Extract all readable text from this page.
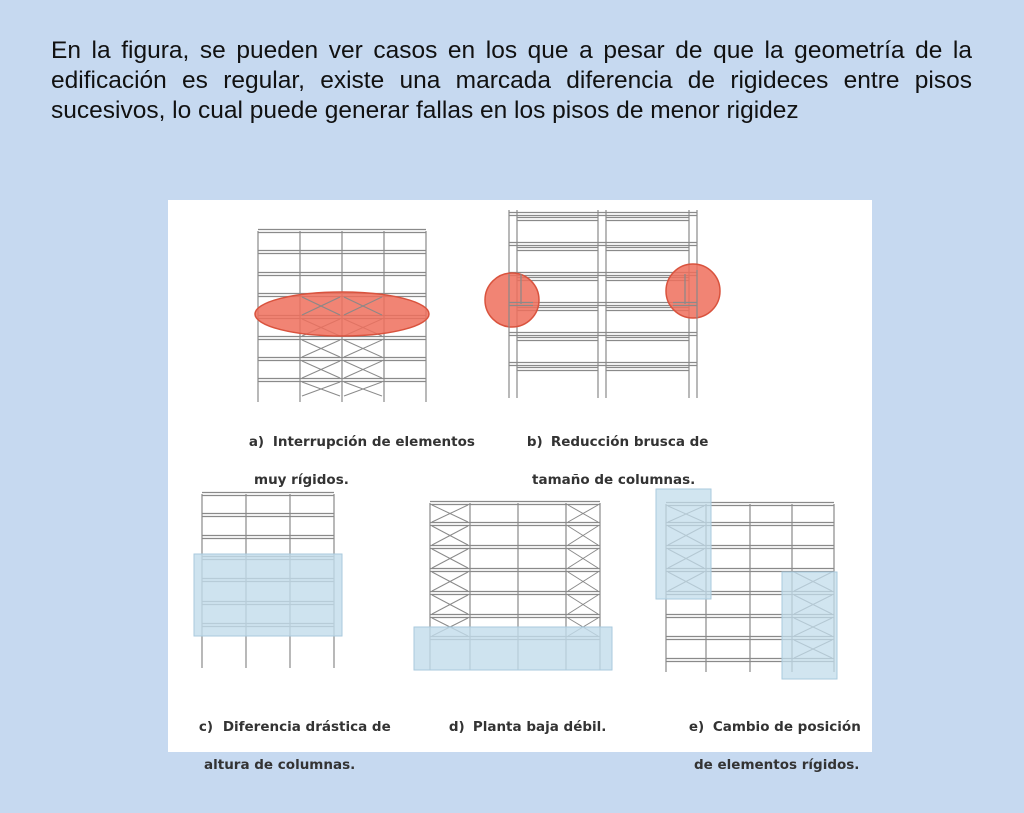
En la figura, se pueden ver casos en los que a pesar de que la geometría de la edificación es regular, existe una marcada diferencia de rigideces entre pisos sucesivos, lo cual puede generar fallas en los pisos de menor rigidez

a) Interrupción de elementos

muy rígidos.

b) Reducción brusca de

tamaño de columnas.

c) Diferencia drástica de

altura de columnas.

d) Planta baja débil.
	e) Cambio de posición

de elementos rígidos.
